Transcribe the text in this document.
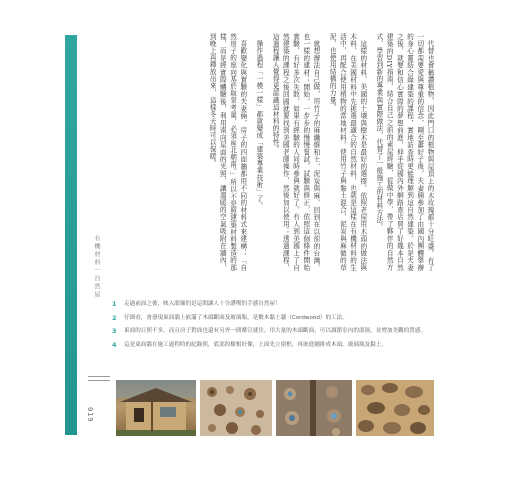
有機材料｜自然屋
019

代替也會稱讚植物，因此門口的植物與屋頂上的木玫瑰都十分旺盛。有了一切都需要愛與尊重的信念，剛至蕭好子後，夫妻倆參加了由國內團體舉辦的身心靈結合綠建築的課程，實地訪查時更能理解到這自然建築。於是夫妻之後，就要和信心實際的夢想前進，伸手從國內外網路查店買了好幾本自然建築的DIY指南，結合自己之前的素屋經驗，從做中學，帶了夥伴的自然方式，學習到新的專業與實際做法，代替了一般施工的材料方法。

這樣的材料，美國的土壤與樹木是最好的選擇。依照老屋用木頭的做法與木料，在美國材料中先挑選最適合的自然材料，也就是這樣在有機材料的生活中，再配合使用植物的當地材料。使用竹子與黏土混合，泥炭與麻做的草泥，也使用結構的力量。

就想辦法自己做，用竹子的麻纖維和土，泥炭與麻，回到在以前的台灣，也一樣的建材；開始，一步步的慢慢嘗試，試驗與修正，依照這個條件開始實驗，有好多次失敗，如果有經驗的人同時參與就好了。有人到美國上了自然建築的課程之後回國就要找到美國老師操作，然後加以使用；透過課程，這過程讓人覺得更認識這材料的特性。

操作過程「一模一樣」都就變成「建築專業技術」了。

喜歡變化與實驗的夫妻倆，房子的四面牆都用不同的材料式來建構；「自然房子的座向基於取景考量，必須座北朝南。」所以不是照建築材料製造的那樣，而是經實際體驗後，利用南向屋面的光照，讓溫暖的空氣吸附在牆內，到晚上再釋放出來，這樣冬天時可以保暖。

1	走過前面之後，映入眼簾的是這間讓人十分讚嘆的手感自然屋！
2	仔細看，會發現東面牆上嵌滿了木頭斷面及玻璃瓶，是數木黏土牆（Cordwood）的工法。
3	東面的日照不多，而且房子對面也還有另外一間鄰宣就住，用大量的木頭斷面，可以調節室內的溫濕，並增加美觀的質感。
4	這是東面牆在施工過程時的紀錄照，底部的樹根好像，上面先立窗框，再嵌進鋪排成木頭、玻璃瓶及黏土。
